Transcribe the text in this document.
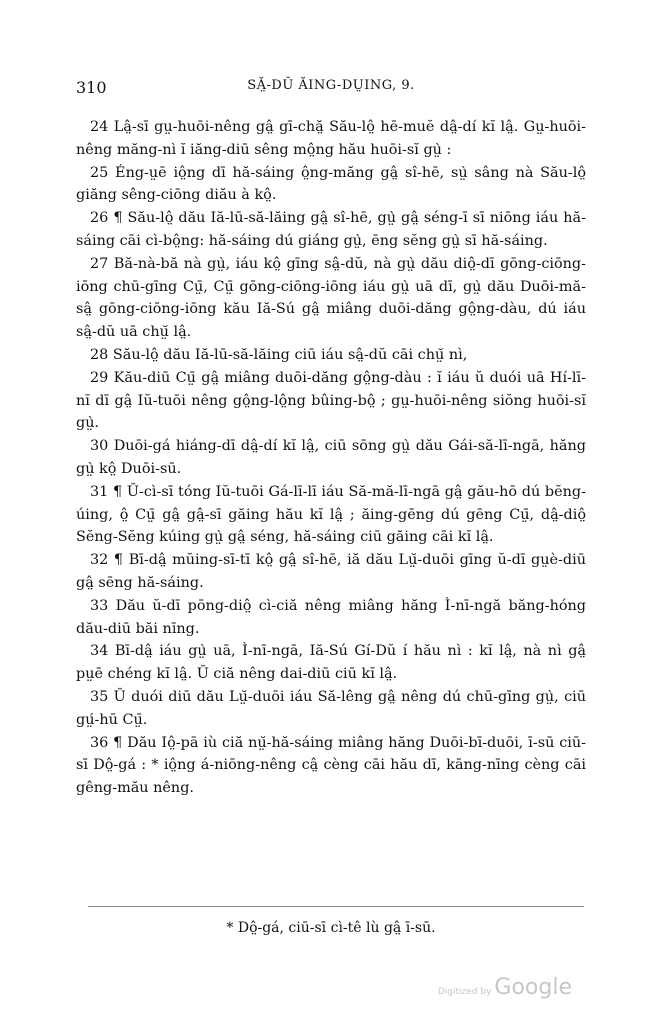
310	SĂ̤-DŬ ĂING-DṲING, 9.

24 Lâ̤-sī gṳ-huōi-nêng gâ̤ gī-chă̤ Său-lô̤ hē-muĕ dâ̤-dí kĭ lâ̤. Gṳ-huōi-nêng măng-nì ĭ iăng-diū sêng mô̤ng hău huōi-sĭ gṳ̀ :

25 Éng-ṳē iô̤ng dī hă-sáing ô̤ng-măng gâ̤ sî-hē, sṳ̀ sâng nà Său-lô̤ giăng sêng-ciōng diău à kô̤.

26 ¶ Său-lô̤ dău Iă-lū-să-lăing gâ̤ sî-hē, gṳ̀ gâ̤ séng-ī sī niōng iáu hă-sáing cāi cì-bô̤ng: hă-sáing dú giáng gṳ̀, ēng sĕng gṳ̀ sī hă-sáing.

27 Bă-nà-bă nà gṳ̀, iáu kô̤ gīng sâ̤-dŭ, nà gṳ̀ dău diô̤-dī gōng-ciōng-iōng chū-gīng Cṳ̄, Cṳ̄ gōng-ciōng-iōng iáu gṳ̀ uā dī, gṳ̀ dău Duōi-mă-sâ̤ gōng-ciōng-iōng kău Iă-Sú gâ̤ miâng duōi-dăng gô̤ng-dàu, dú iáu sâ̤-dŭ uā chṳ̆ lâ̤.

28 Său-lô̤ dău Iă-lū-să-lăing ciū iáu sâ̤-dŭ cāi chṳ̆ nì,

29 Kău-diū Cṳ̄ gâ̤ miâng duōi-dăng gô̤ng-dàu : ĭ iáu ŭ duói uā Hí-lī-nĭ dī gâ̤ Iŭ-tuōi nêng gô̤ng-lô̤ng bûing-bô̤ ; gṳ-huōi-nêng siŏng huōi-sĭ gṳ̀.

30 Duōi-gá hiáng-dī dâ̤-dí kĭ lâ̤, ciū sōng gṳ̀ dău Gái-să-lī-ngā, hăng gṳ̀ kô̤ Duōi-sū.

31 ¶ Ŭ-cì-sī tóng Iŭ-tuōi Gá-lī-lī iáu Să-mă-lī-ngā gâ̤ gău-hō dú bĕng-úing, ô̤ Cṳ̄ gâ̤ gâ̤-sī găing hău kĭ lâ̤ ; ăing-gēng dú gēng Cṳ̄, dâ̤-diô̤ Sĕng-Sĕng kúing gṳ̀ gâ̤ séng, hă-sáing ciū găing cāi kĭ lâ̤.

32 ¶ Bī-dâ̤ mŭing-sī-tī kô̤ gâ̤ sî-hē, iă dău Lṳ̆-duōi gīng ŭ-dī gṳè-diū gâ̤ sēng hă-sáing.

33 Dău ŭ-dī pōng-diô̤ cì-ciă nêng miâng hăng Ì-nī-ngă băng-hóng dău-diū băi nīng.

34 Bī-dâ̤ iáu gṳ̀ uā, Ì-nī-ngā, Iă-Sú Gí-Dŭ í hău nì : kĭ lâ̤, nà nì gâ̤ pṳē chéng kĭ lâ̤. Ŭ ciă nêng dai-diū ciū kĭ lâ̤.

35 Ŭ duói diū dău Lṳ̆-duōi iáu Să-lêng gâ̤ nêng dú chū-gīng gṳ̀, ciū gṳ́-hū Cṳ̄.

36 ¶ Dău Iô̤-pā iù ciă nṳ̆-hă-sáing miâng hăng Duōi-bī-duōi, ī-sū ciū-sī Dô̤-gá : * iô̤ng á-niōng-nêng câ̤ cèng cāi hău dī, kāng-nīng cèng cāi gêng-mău nêng.

* Dô̤-gá, ciū-sī cì-tê lù gâ̤ ī-sū.
Digitized by Google
